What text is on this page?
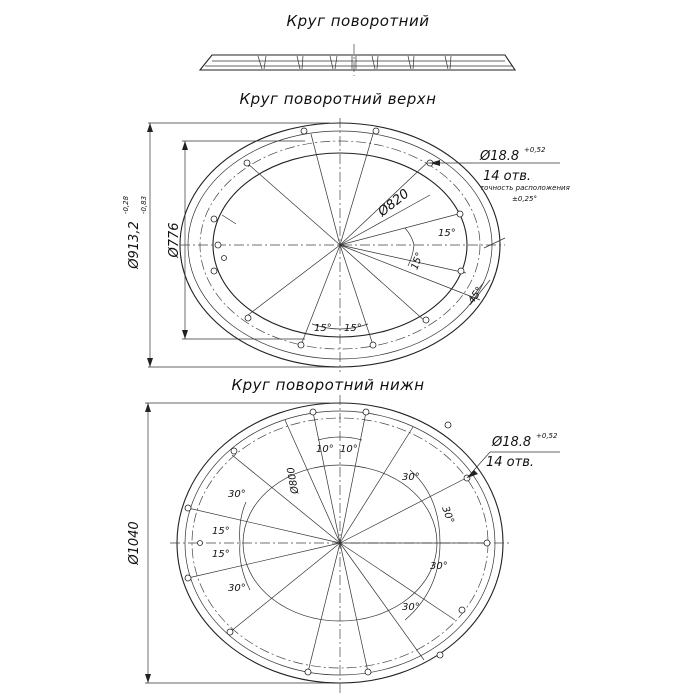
Круг поворотний
Круг поворотний верхн
Ø913,2
-0,28 -0,83
Ø776
Ø820
Ø18.8 +0,52
14 отв.
точность расположения
±0,25°
15°
15°
45°
15° 15°
Круг поворотний нижн
Ø1040
Ø800
Ø18.8 +0,52
14 отв.
10° 10°
30°
15°
15°
30°
30°
30°
30°
30°
